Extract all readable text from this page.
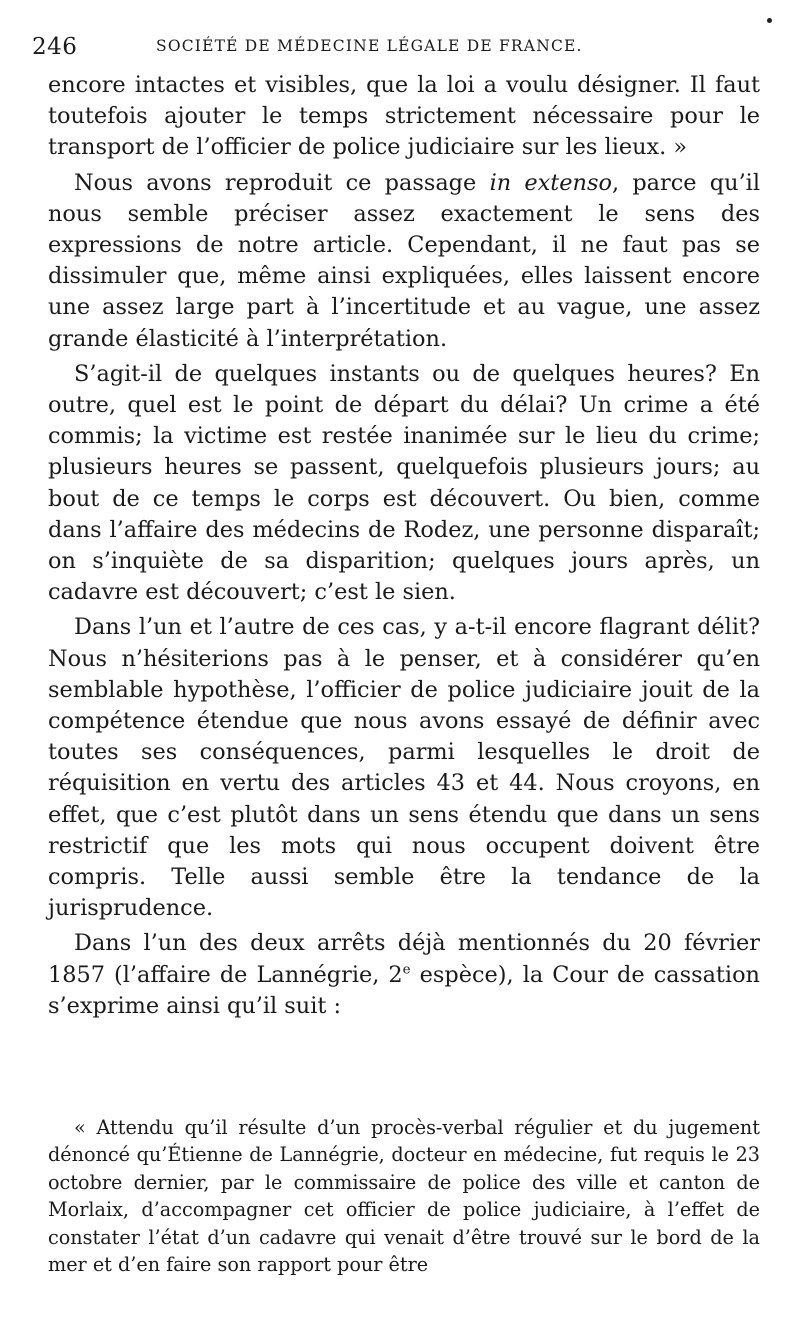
246	SOCIÉTÉ DE MÉDECINE LÉGALE DE FRANCE.

encore intactes et visibles, que la loi a voulu désigner. Il faut toutefois ajouter le temps strictement nécessaire pour le transport de l’officier de police judiciaire sur les lieux. »

Nous avons reproduit ce passage in extenso, parce qu’il nous semble préciser assez exactement le sens des expressions de notre article. Cependant, il ne faut pas se dissimuler que, même ainsi expliquées, elles laissent encore une assez large part à l’incertitude et au vague, une assez grande élasticité à l’interprétation.

S’agit-il de quelques instants ou de quelques heures? En outre, quel est le point de départ du délai? Un crime a été commis; la victime est restée inanimée sur le lieu du crime; plusieurs heures se passent, quelquefois plusieurs jours; au bout de ce temps le corps est découvert. Ou bien, comme dans l’affaire des médecins de Rodez, une personne disparaît; on s’inquiète de sa disparition; quelques jours après, un cadavre est découvert; c’est le sien.

Dans l’un et l’autre de ces cas, y a-t-il encore flagrant délit? Nous n’hésiterions pas à le penser, et à considérer qu’en semblable hypothèse, l’officier de police judiciaire jouit de la compétence étendue que nous avons essayé de définir avec toutes ses conséquences, parmi lesquelles le droit de réquisition en vertu des articles 43 et 44. Nous croyons, en effet, que c’est plutôt dans un sens étendu que dans un sens restrictif que les mots qui nous occupent doivent être compris. Telle aussi semble être la tendance de la jurisprudence.

Dans l’un des deux arrêts déjà mentionnés du 20 février 1857 (l’affaire de Lannégrie, 2e espèce), la Cour de cassation s’exprime ainsi qu’il suit :

« Attendu qu’il résulte d’un procès-verbal régulier et du jugement dénoncé qu’Étienne de Lannégrie, docteur en médecine, fut requis le 23 octobre dernier, par le commissaire de police des ville et canton de Morlaix, d’accompagner cet officier de police judiciaire, à l’effet de constater l’état d’un cadavre qui venait d’être trouvé sur le bord de la mer et d’en faire son rapport pour être
